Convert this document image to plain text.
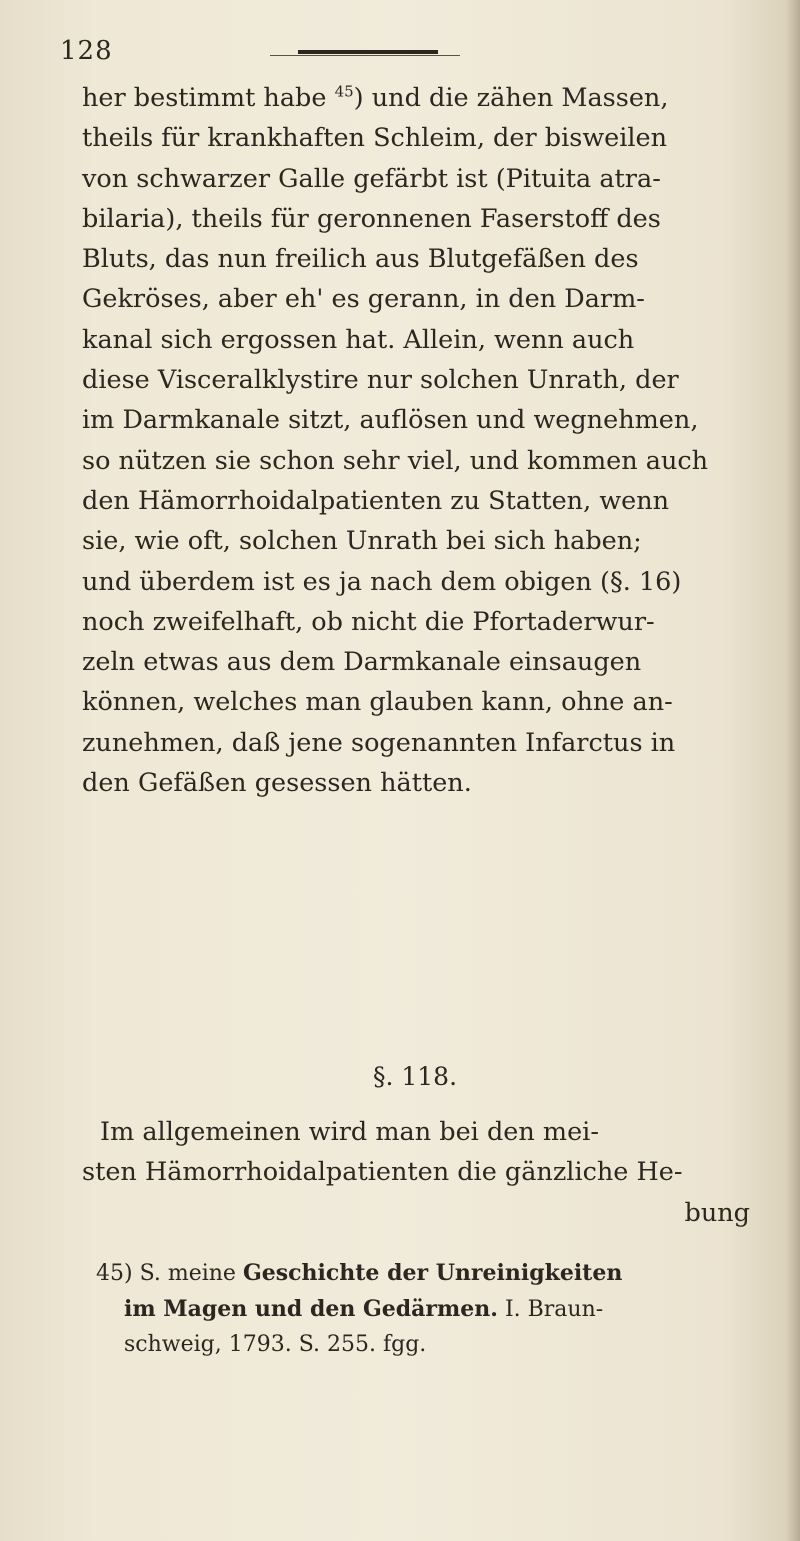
128
her bestimmt habe $^{45}$) und die zähen Massen,
theils für krankhaften Schleim, der bisweilen
von schwarzer Galle gefärbt ist (Pituita atra-
bilaria), theils für geronnenen Faserstoff des
Bluts, das nun freilich aus Blutgefäßen des
Gekröses, aber eh' es gerann, in den Darm-
kanal sich ergossen hat. Allein, wenn auch
diese Visceralklystire nur solchen Unrath, der
im Darmkanale sitzt, auflösen und wegnehmen,
so nützen sie schon sehr viel, und kommen auch
den Hämorrhoidalpatienten zu Statten, wenn
sie, wie oft, solchen Unrath bei sich haben;
und überdem ist es ja nach dem obigen (§. 16)
noch zweifelhaft, ob nicht die Pfortaderwur-
zeln etwas aus dem Darmkanale einsaugen
können, welches man glauben kann, ohne an-
zunehmen, daß jene sogenannten Infarctus in
den Gefäßen gesessen hätten.
§. 118.
Im allgemeinen wird man bei den mei-
sten Hämorrhoidalpatienten die gänzliche He-
bung
45) S. meine Geschichte der Unreinigkeiten
im Magen und den Gedärmen. I. Braun-
schweig, 1793. S. 255. fgg.
